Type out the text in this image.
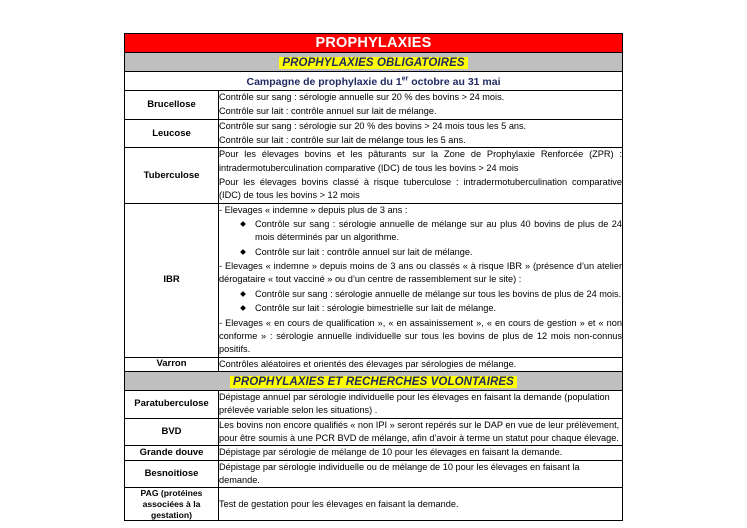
PROPHYLAXIES	
PROPHYLAXIES OBLIGATOIRES	
Campagne de prophylaxie du 1er octobre au 31 mai	
Brucellose	Contrôle sur sang : sérologie annuelle sur 20 % des bovins > 24 mois.

Contrôle sur lait : contrôle annuel sur lait de mélange.

Leucose	Contrôle sur sang : sérologie sur 20 % des bovins > 24 mois tous les 5 ans.

Contrôle sur lait : contrôle sur lait de mélange tous les 5 ans.

Tuberculose	Pour les élevages bovins et les pâturants sur la Zone de Prophylaxie Renforcée (ZPR) : intradermotuberculination comparative (IDC) de tous les bovins > 24 mois

Pour les élevages bovins classé à risque tuberculose : intradermotuberculination comparative (IDC) de tous les bovins > 12 mois

IBR	

- Elevages « indemne » depuis plus de 3 ans :

Contrôle sur sang : sérologie annuelle de mélange sur au plus 40 bovins de plus de 24 mois déterminés par un algorithme.
Contrôle sur lait : contrôle annuel sur lait de mélange.

- Elevages « indemne » depuis moins de 3 ans ou classés « à risque IBR » (présence d’un atelier dérogataire « tout vacciné » ou d’un centre de rassemblement sur le site) :

Contrôle sur sang : sérologie annuelle de mélange sur tous les bovins de plus de 24 mois.
Contrôle sur lait : sérologie bimestrielle sur lait de mélange.

- Elevages « en cours de qualification », « en assainissement », « en cours de gestion » et « non conforme » : sérologie annuelle individuelle sur tous les bovins de plus de 12 mois non-connus positifs.

Varron	Contrôles aléatoires et orientés des élevages par sérologies de mélange.

PROPHYLAXIES ET RECHERCHES VOLONTAIRES	
Paratuberculose	Dépistage annuel par sérologie individuelle pour les élevages en faisant la demande (population prélevée variable selon les situations) .

BVD	Les bovins non encore qualifiés « non IPI » seront repérés sur le DAP en vue de leur prélèvement, pour être soumis à une PCR BVD de mélange, afin d’avoir à terme un statut pour chaque élevage.

Grande douve	Dépistage par sérologie de mélange de 10 pour les élevages en faisant la demande.

Besnoitiose	Dépistage par sérologie individuelle ou de mélange de 10 pour les élevages en faisant la demande.

PAG (protéines
associées à la gestation)	Test de gestation pour les élevages en faisant la demande.
